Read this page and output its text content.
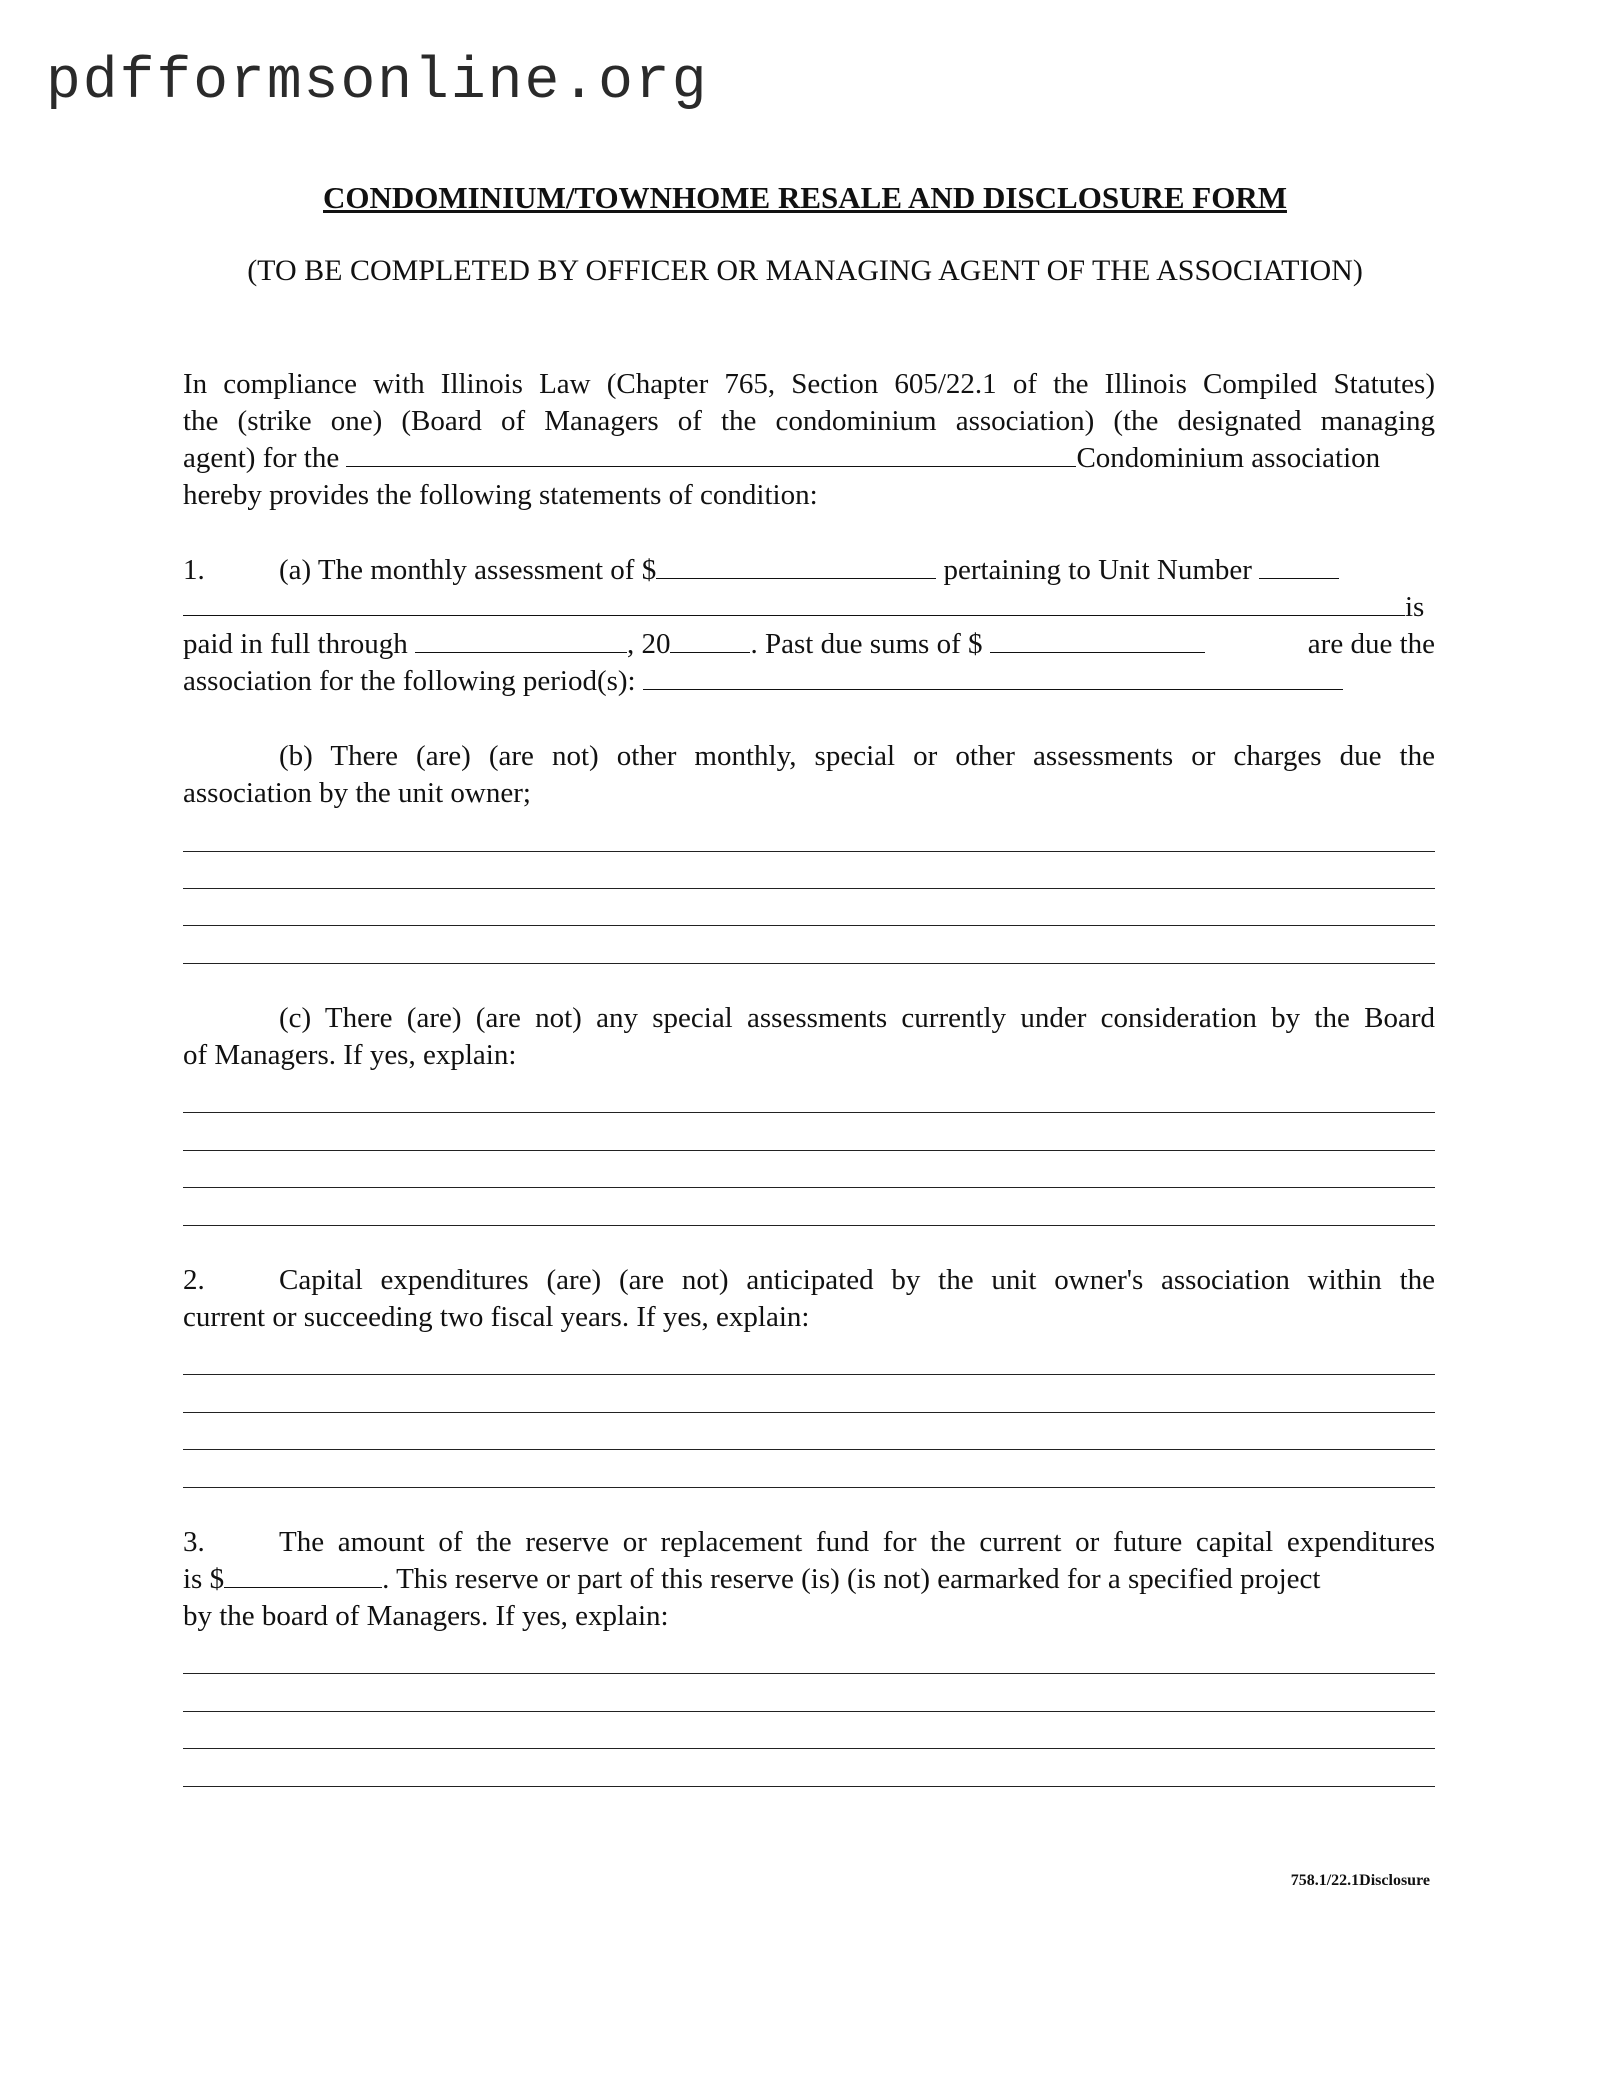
pdfformsonline.org
CONDOMINIUM/TOWNHOME RESALE AND DISCLOSURE FORM
(TO BE COMPLETED BY OFFICER OR MANAGING AGENT OF THE ASSOCIATION)
In compliance with Illinois Law (Chapter 765, Section 605/22.1 of the Illinois Compiled Statutes)
the (strike one) (Board of Managers of the condominium association) (the designated managing
agent) for the	Condominium association
hereby provides the following statements of condition:
1.	(a) The monthly assessment of $	pertaining to Unit Number
is
paid in full through	, 20	. Past due sums of $	are due the
association for the following period(s):
(b) There (are) (are not) other monthly, special or other assessments or charges due the
association by the unit owner;
(c) There (are) (are not) any special assessments currently under consideration by the Board
of Managers. If yes, explain:
2.	Capital expenditures (are) (are not) anticipated by the unit owner's association within the
current or succeeding two fiscal years. If yes, explain:
3.	The amount of the reserve or replacement fund for the current or future capital expenditures
is $	. This reserve or part of this reserve (is) (is not) earmarked for a specified project
by the board of Managers. If yes, explain:
758.1/22.1Disclosure
